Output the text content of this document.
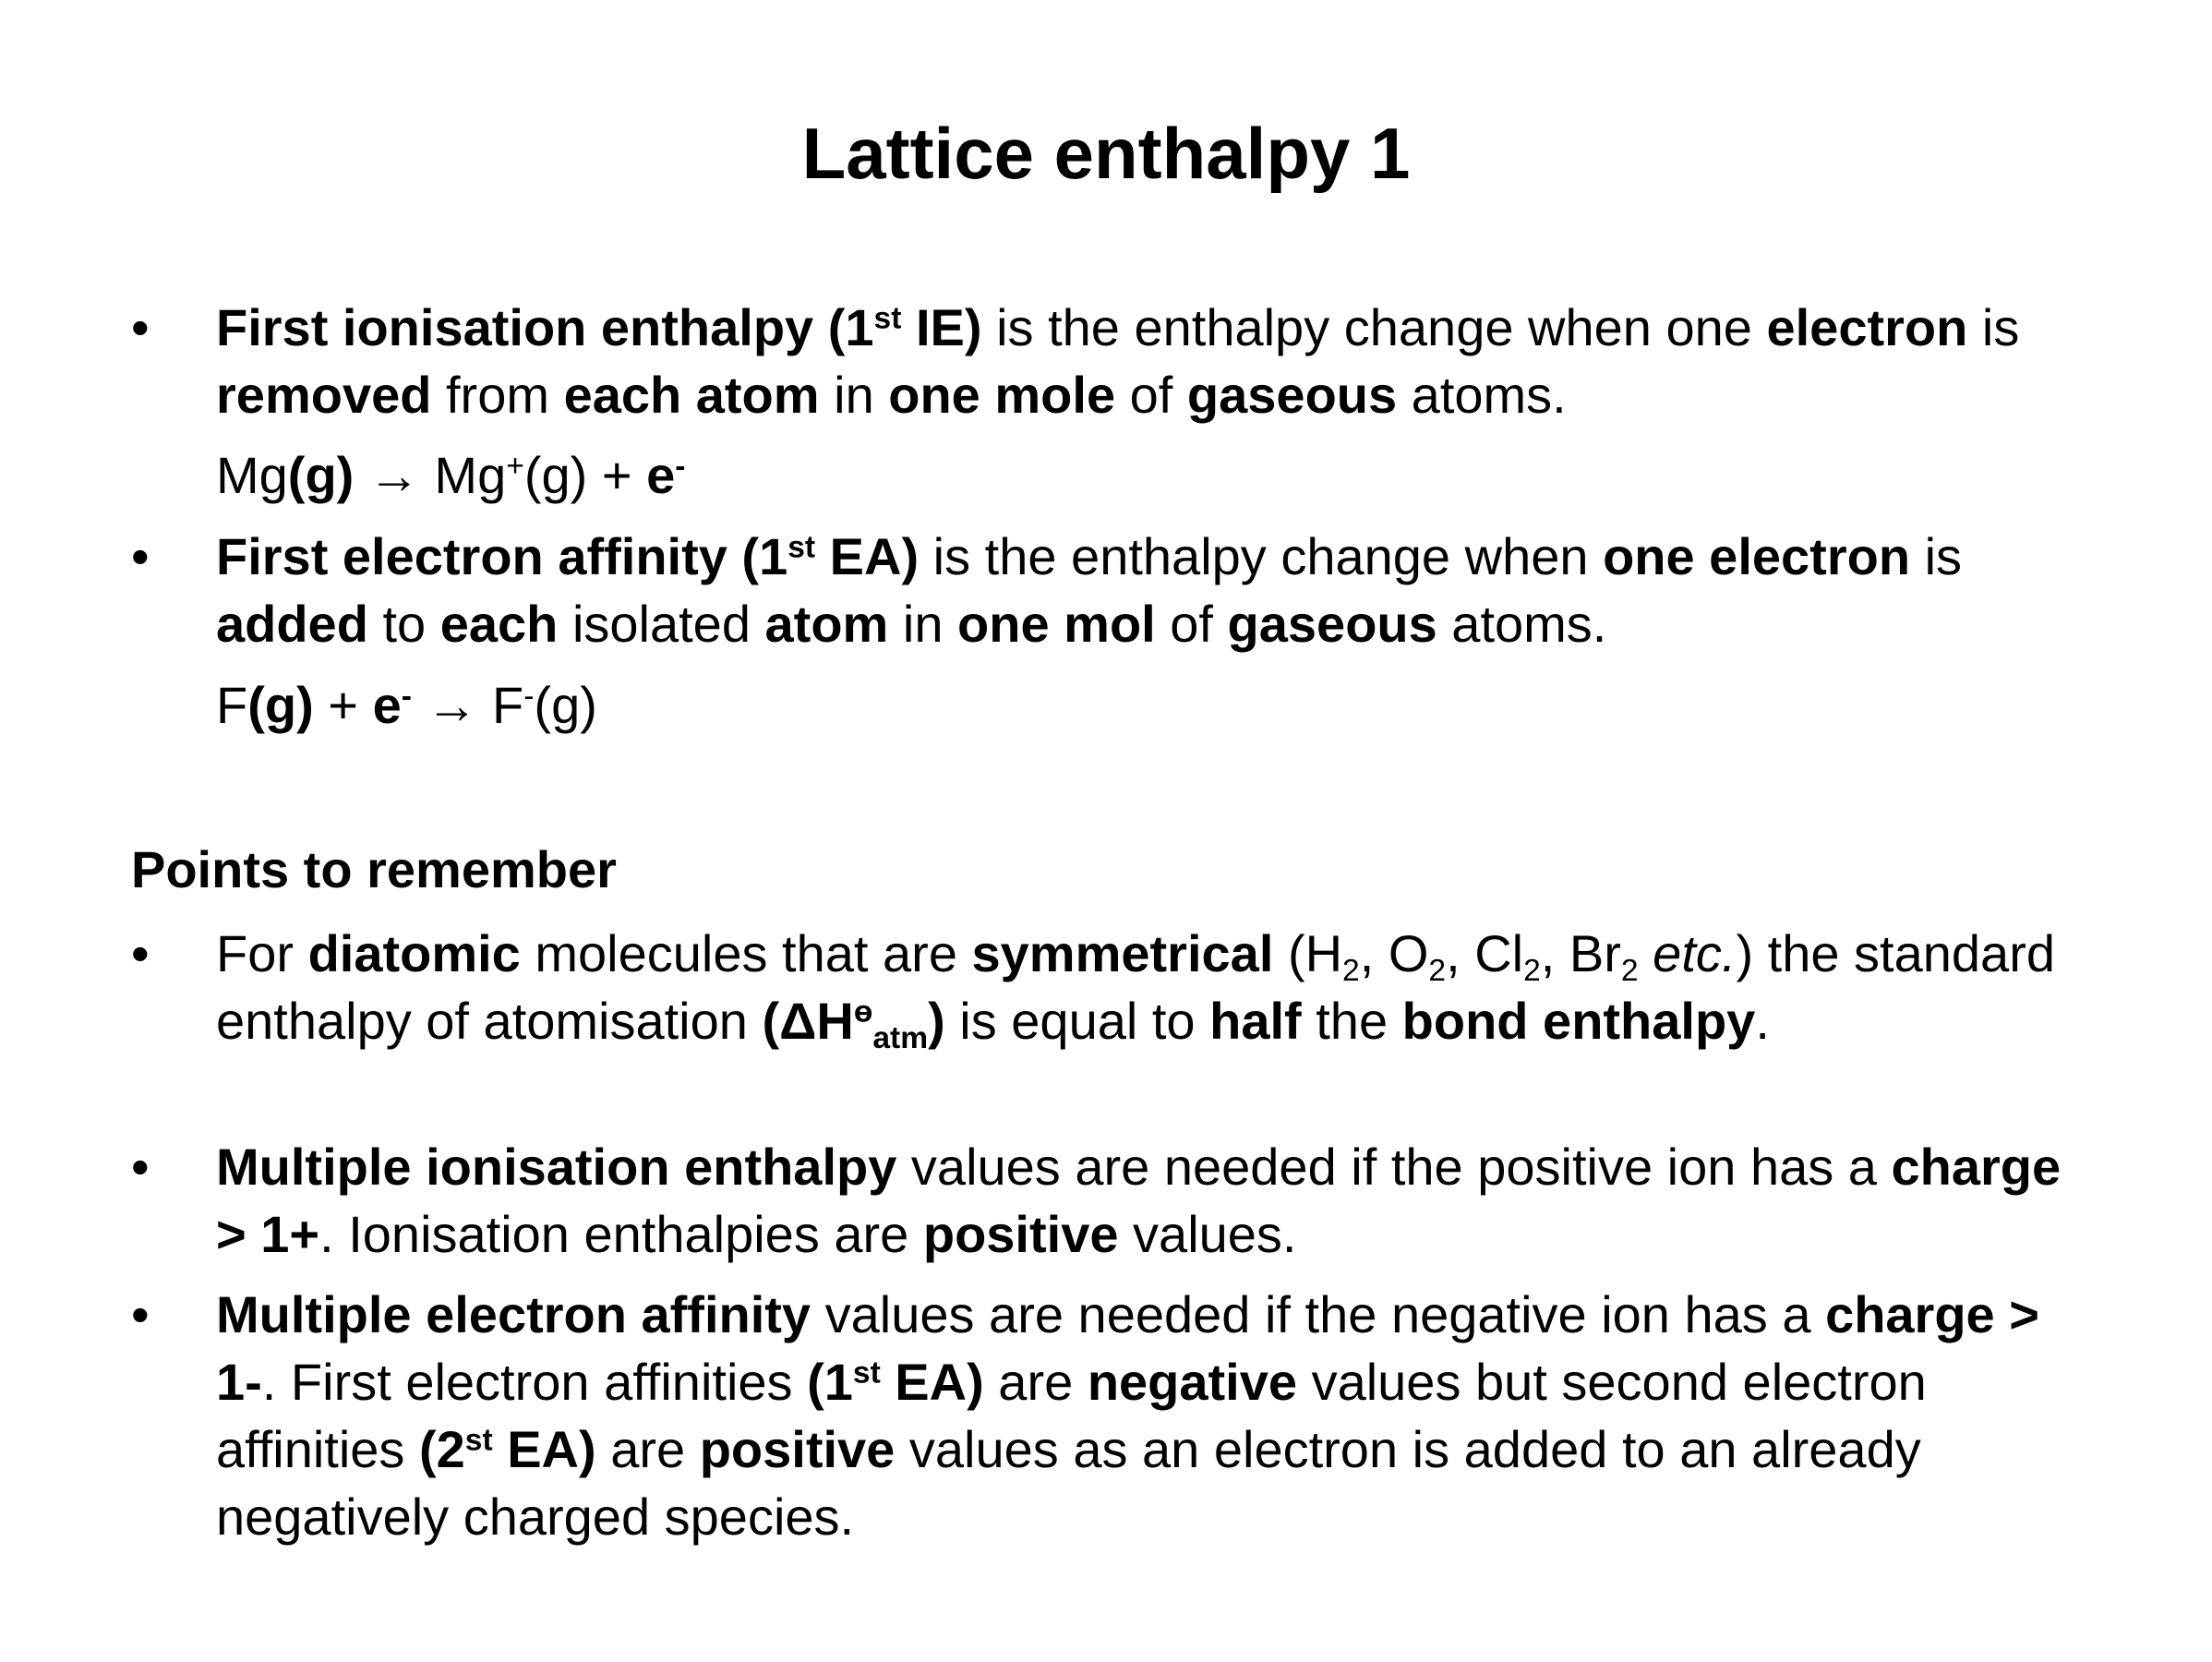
Lattice enthalpy 1
• First ionisation enthalpy (1st IE) is the enthalpy change when one electron is removed from each atom in one mole of gaseous atoms.
Mg(g) → Mg+(g) + e-
• First electron affinity (1st EA) is the enthalpy change when one electron is added to each isolated atom in one mol of gaseous atoms.
F(g) + e- → F-(g)
Points to remember
• For diatomic molecules that are symmetrical ($H_2$, $O_2$, $Cl_2$, $Br_2$ etc.) the standard enthalpy of atomisation $(\Delta H^ө_{atm})$ is equal to half the bond enthalpy.
• Multiple ionisation enthalpy values are needed if the positive ion has a charge > 1+. Ionisation enthalpies are positive values.
• Multiple electron affinity values are needed if the negative ion has a charge > 1-. First electron affinities (1st EA) are negative values but second electron affinities (2st EA) are positive values as an electron is added to an already negatively charged species.
